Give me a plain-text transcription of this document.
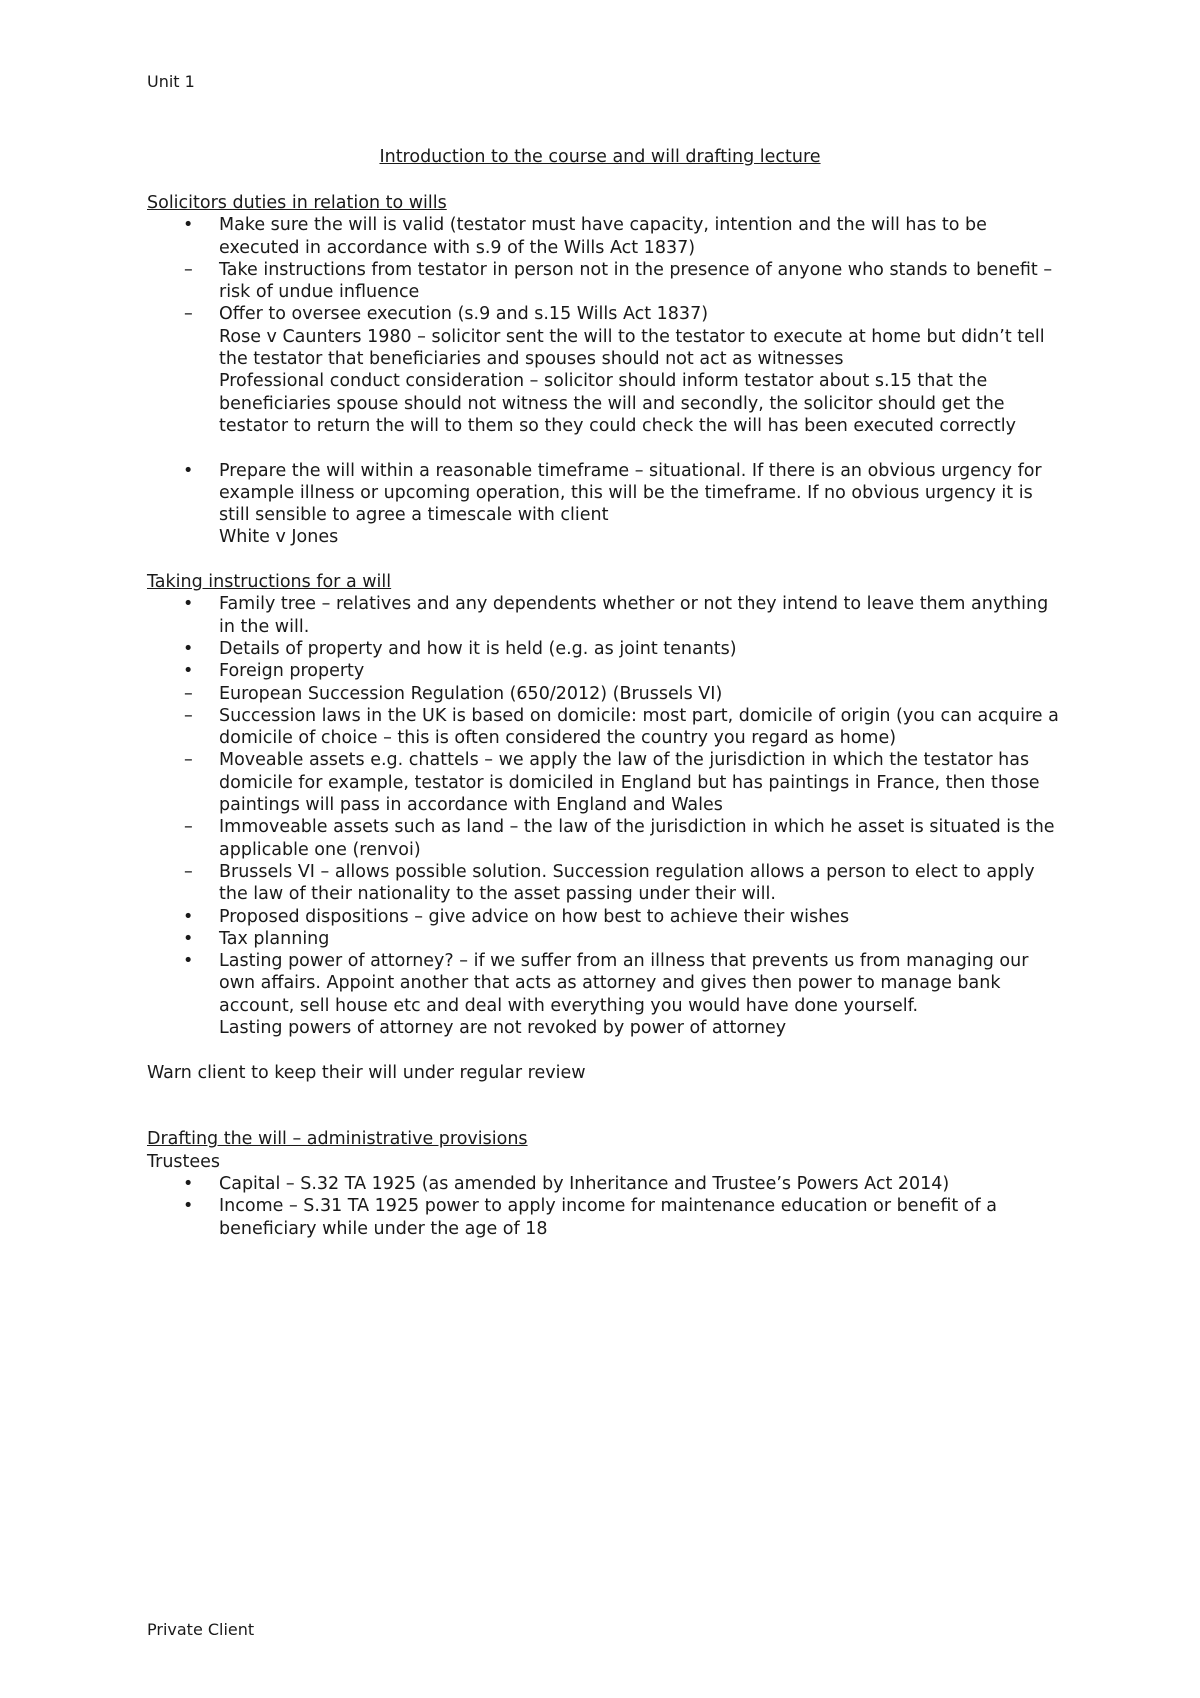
Unit 1
Introduction to the course and will drafting lecture
Solicitors duties in relation to wills
• Make sure the will is valid (testator must have capacity, intention and the will has to be executed in accordance with s.9 of the Wills Act 1837)
– Take instructions from testator in person not in the presence of anyone who stands to benefit – risk of undue influence
– Offer to oversee execution (s.9 and s.15 Wills Act 1837)
Rose v Caunters 1980 – solicitor sent the will to the testator to execute at home but didn’t tell the testator that beneficiaries and spouses should not act as witnesses
Professional conduct consideration – solicitor should inform testator about s.15 that the beneficiaries spouse should not witness the will and secondly, the solicitor should get the testator to return the will to them so they could check the will has been executed correctly
• Prepare the will within a reasonable timeframe – situational. If there is an obvious urgency for example illness or upcoming operation, this will be the timeframe. If no obvious urgency it is still sensible to agree a timescale with client
White v Jones
Taking instructions for a will
• Family tree – relatives and any dependents whether or not they intend to leave them anything in the will.
• Details of property and how it is held (e.g. as joint tenants)
• Foreign property
– European Succession Regulation (650/2012) (Brussels VI)
– Succession laws in the UK is based on domicile: most part, domicile of origin (you can acquire a domicile of choice – this is often considered the country you regard as home)
– Moveable assets e.g. chattels – we apply the law of the jurisdiction in which the testator has domicile for example, testator is domiciled in England but has paintings in France, then those paintings will pass in accordance with England and Wales
– Immoveable assets such as land – the law of the jurisdiction in which he asset is situated is the applicable one (renvoi)
– Brussels VI – allows possible solution. Succession regulation allows a person to elect to apply the law of their nationality to the asset passing under their will.
• Proposed dispositions – give advice on how best to achieve their wishes
• Tax planning
• Lasting power of attorney? – if we suffer from an illness that prevents us from managing our own affairs. Appoint another that acts as attorney and gives then power to manage bank account, sell house etc and deal with everything you would have done yourself.
Lasting powers of attorney are not revoked by power of attorney
Warn client to keep their will under regular review
Drafting the will – administrative provisions
Trustees
• Capital – S.32 TA 1925 (as amended by Inheritance and Trustee’s Powers Act 2014)
• Income – S.31 TA 1925 power to apply income for maintenance education or benefit of a beneficiary while under the age of 18
Private Client
